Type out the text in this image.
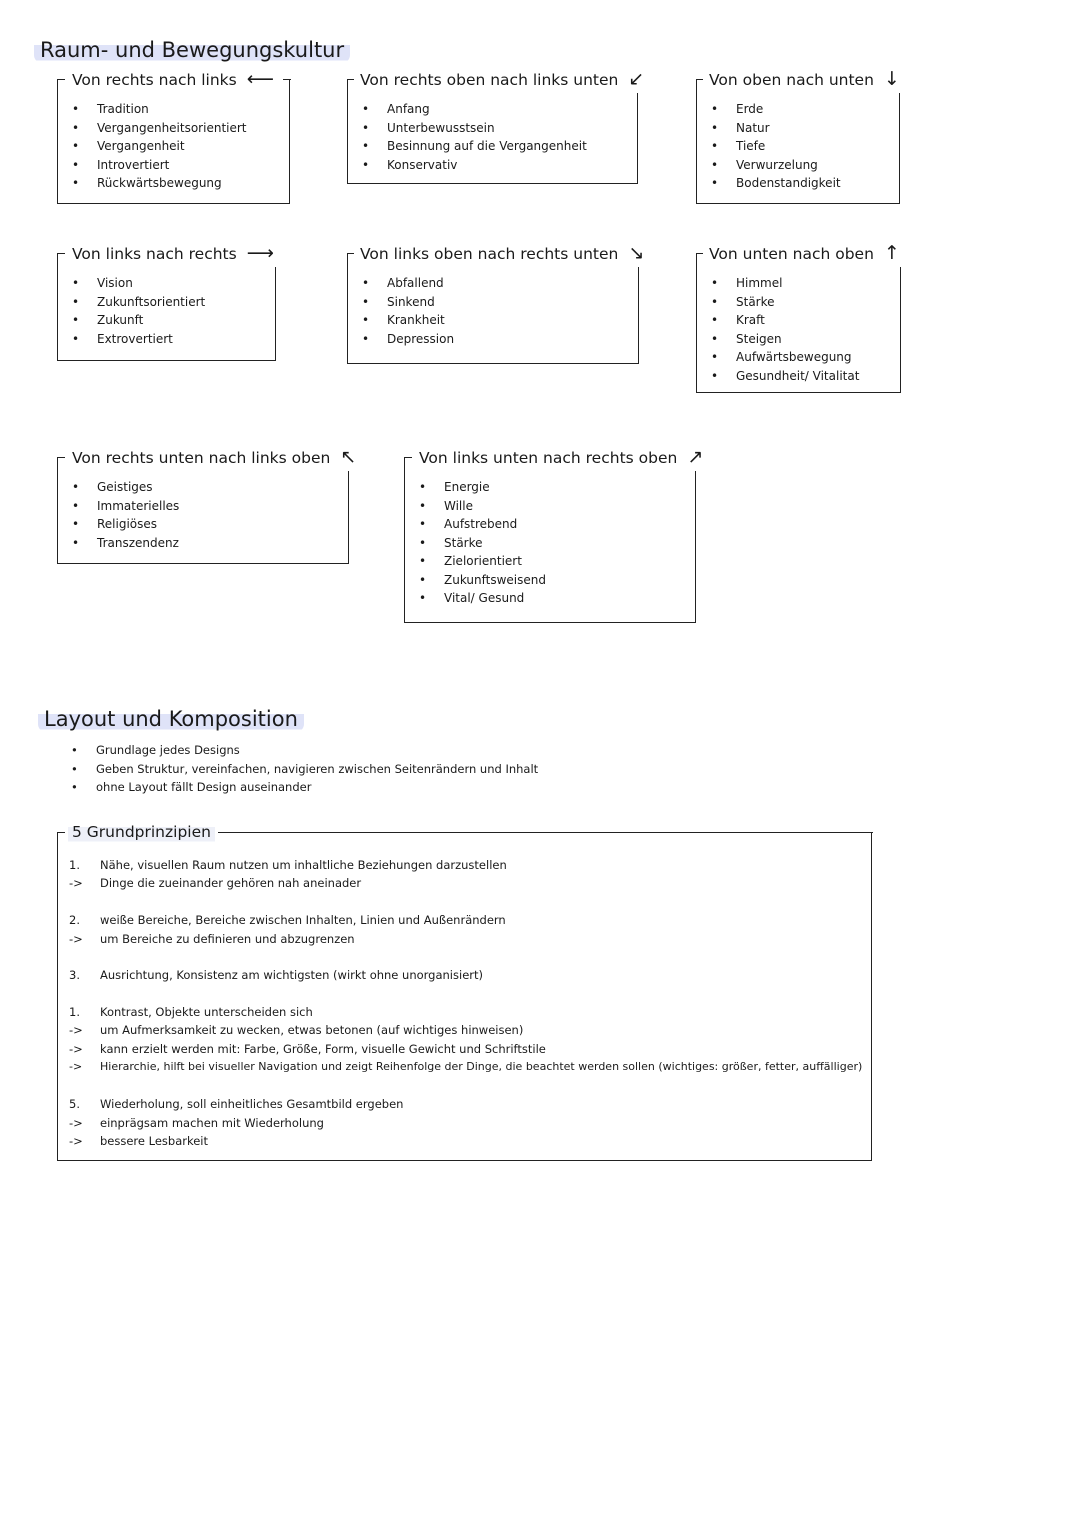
Raum- und Bewegungskultur
Von rechts nach links ⟵
• Tradition
• Vergangenheitsorientiert
• Vergangenheit
• Introvertiert
• Rückwärtsbewegung
Von rechts oben nach links unten ↙
• Anfang
• Unterbewusstsein
• Besinnung auf die Vergangenheit
• Konservativ
Von oben nach unten ↓
• Erde
• Natur
• Tiefe
• Verwurzelung
• Bodenstandigkeit
Von links nach rechts ⟶
• Vision
• Zukunftsorientiert
• Zukunft
• Extrovertiert
Von links oben nach rechts unten ↘
• Abfallend
• Sinkend
• Krankheit
• Depression
Von unten nach oben ↑
• Himmel
• Stärke
• Kraft
• Steigen
• Aufwärtsbewegung
• Gesundheit/ Vitalitat
Von rechts unten nach links oben ↖
• Geistiges
• Immaterielles
• Religiöses
• Transzendenz
Von links unten nach rechts oben ↗
• Energie
• Wille
• Aufstrebend
• Stärke
• Zielorientiert
• Zukunftsweisend
• Vital/ Gesund
Layout und Komposition
• Grundlage jedes Designs
• Geben Struktur, vereinfachen, navigieren zwischen Seitenrändern und Inhalt
• ohne Layout fällt Design auseinander
5 Grundprinzipien
1. Nähe, visuellen Raum nutzen um inhaltliche Beziehungen darzustellen
-> Dinge die zueinander gehören nah aneinader
2. weiße Bereiche, Bereiche zwischen Inhalten, Linien und Außenrändern
-> um Bereiche zu definieren und abzugrenzen
3. Ausrichtung, Konsistenz am wichtigsten (wirkt ohne unorganisiert)
1. Kontrast, Objekte unterscheiden sich
-> um Aufmerksamkeit zu wecken, etwas betonen (auf wichtiges hinweisen)
-> kann erzielt werden mit: Farbe, Größe, Form, visuelle Gewicht und Schriftstile
-> Hierarchie, hilft bei visueller Navigation und zeigt Reihenfolge der Dinge, die beachtet werden sollen (wichtiges: größer, fetter, auffälliger)
5. Wiederholung, soll einheitliches Gesamtbild ergeben
-> einprägsam machen mit Wiederholung
-> bessere Lesbarkeit
